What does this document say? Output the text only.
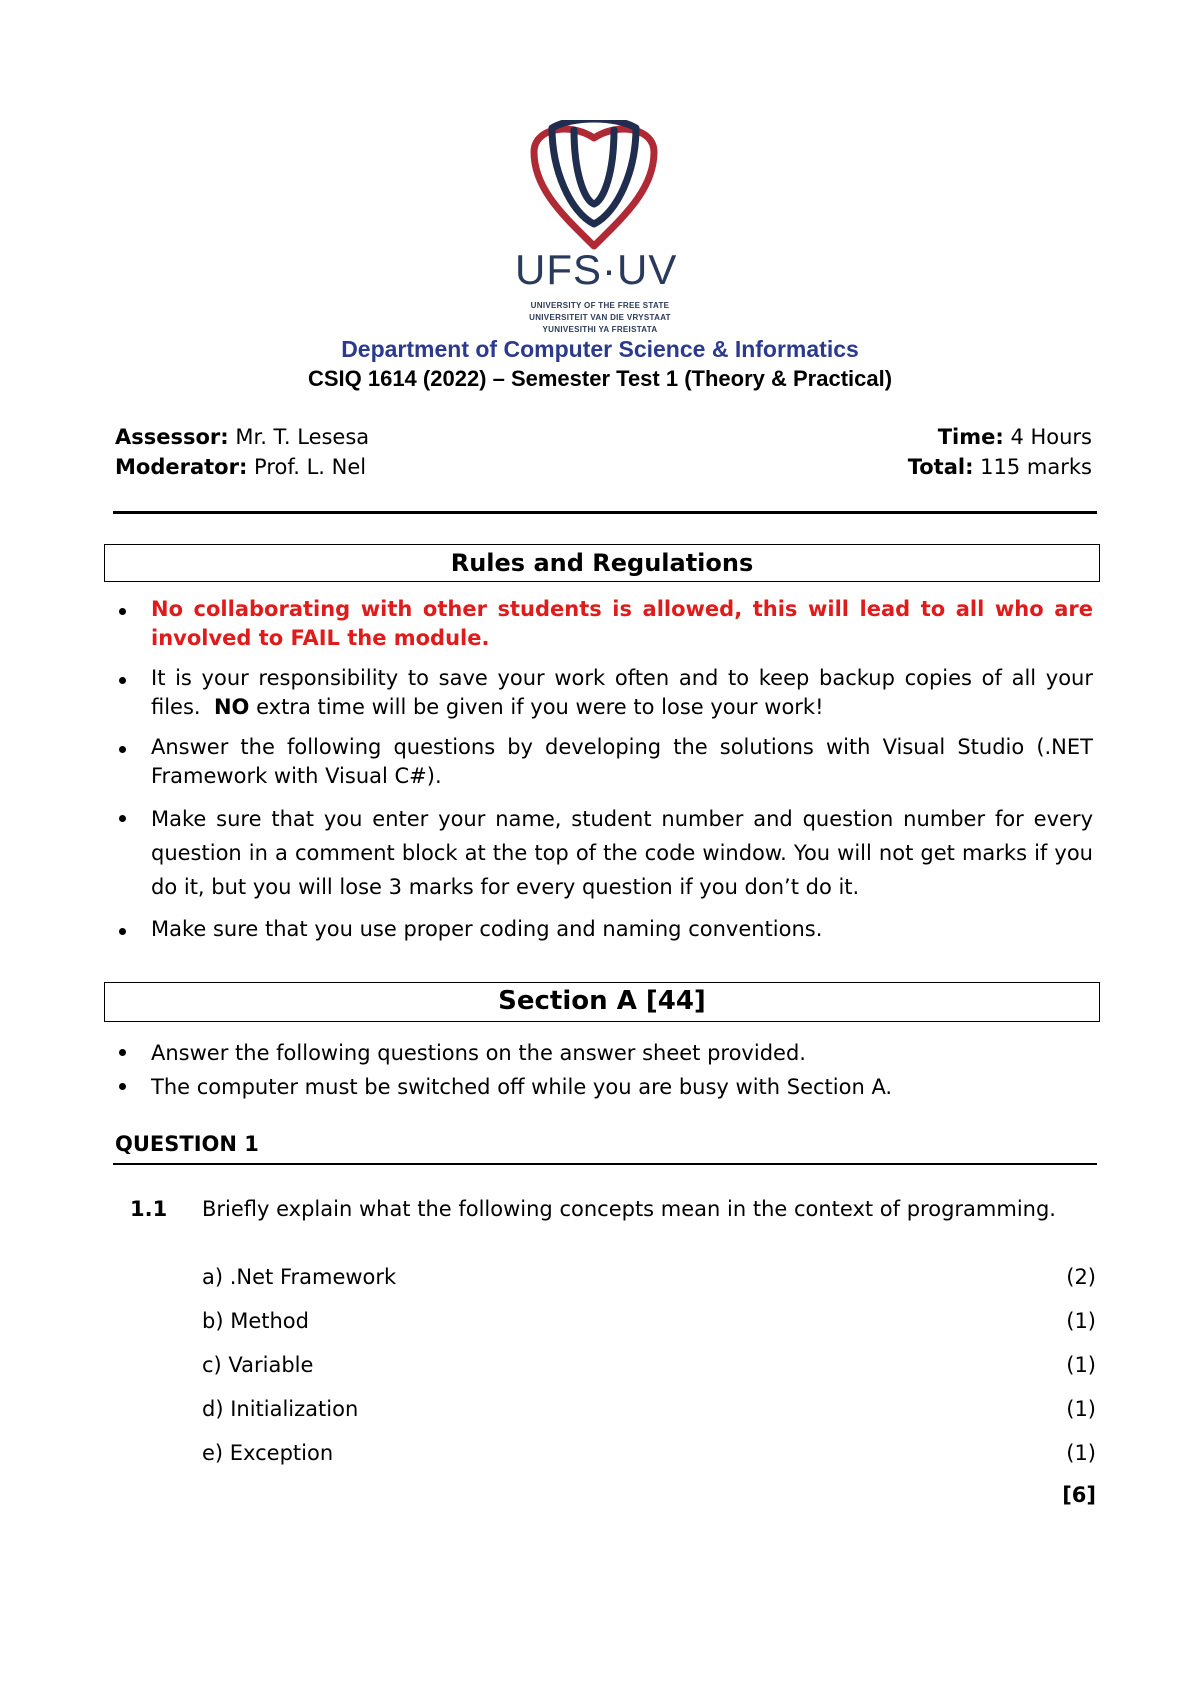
UFS·UV
UNIVERSITY OF THE FREE STATE
UNIVERSITEIT VAN DIE VRYSTAAT
YUNIVESITHI YA FREISTATA
Department of Computer Science & Informatics
CSIQ 1614 (2022) – Semester Test 1 (Theory & Practical)
Assessor: Mr. T. Lesesa
Moderator: Prof. L. Nel
Time: 4 Hours
Total: 115 marks
Rules and Regulations
No collaborating with other students is allowed, this will lead to all who are involved to FAIL the module.
It is your responsibility to save your work often and to keep backup copies of all your files. NO extra time will be given if you were to lose your work!
Answer the following questions by developing the solutions with Visual Studio (.NET Framework with Visual C#).
Make sure that you enter your name, student number and question number for every question in a comment block at the top of the code window. You will not get marks if you do it, but you will lose 3 marks for every question if you don’t do it.
Make sure that you use proper coding and naming conventions.
Section A [44]
Answer the following questions on the answer sheet provided.
The computer must be switched off while you are busy with Section A.
QUESTION 1
1.1 Briefly explain what the following concepts mean in the context of programming.
a) .Net Framework	(2)
b) Method	(1)
c) Variable	(1)
d) Initialization	(1)
e) Exception	(1)
[6]
